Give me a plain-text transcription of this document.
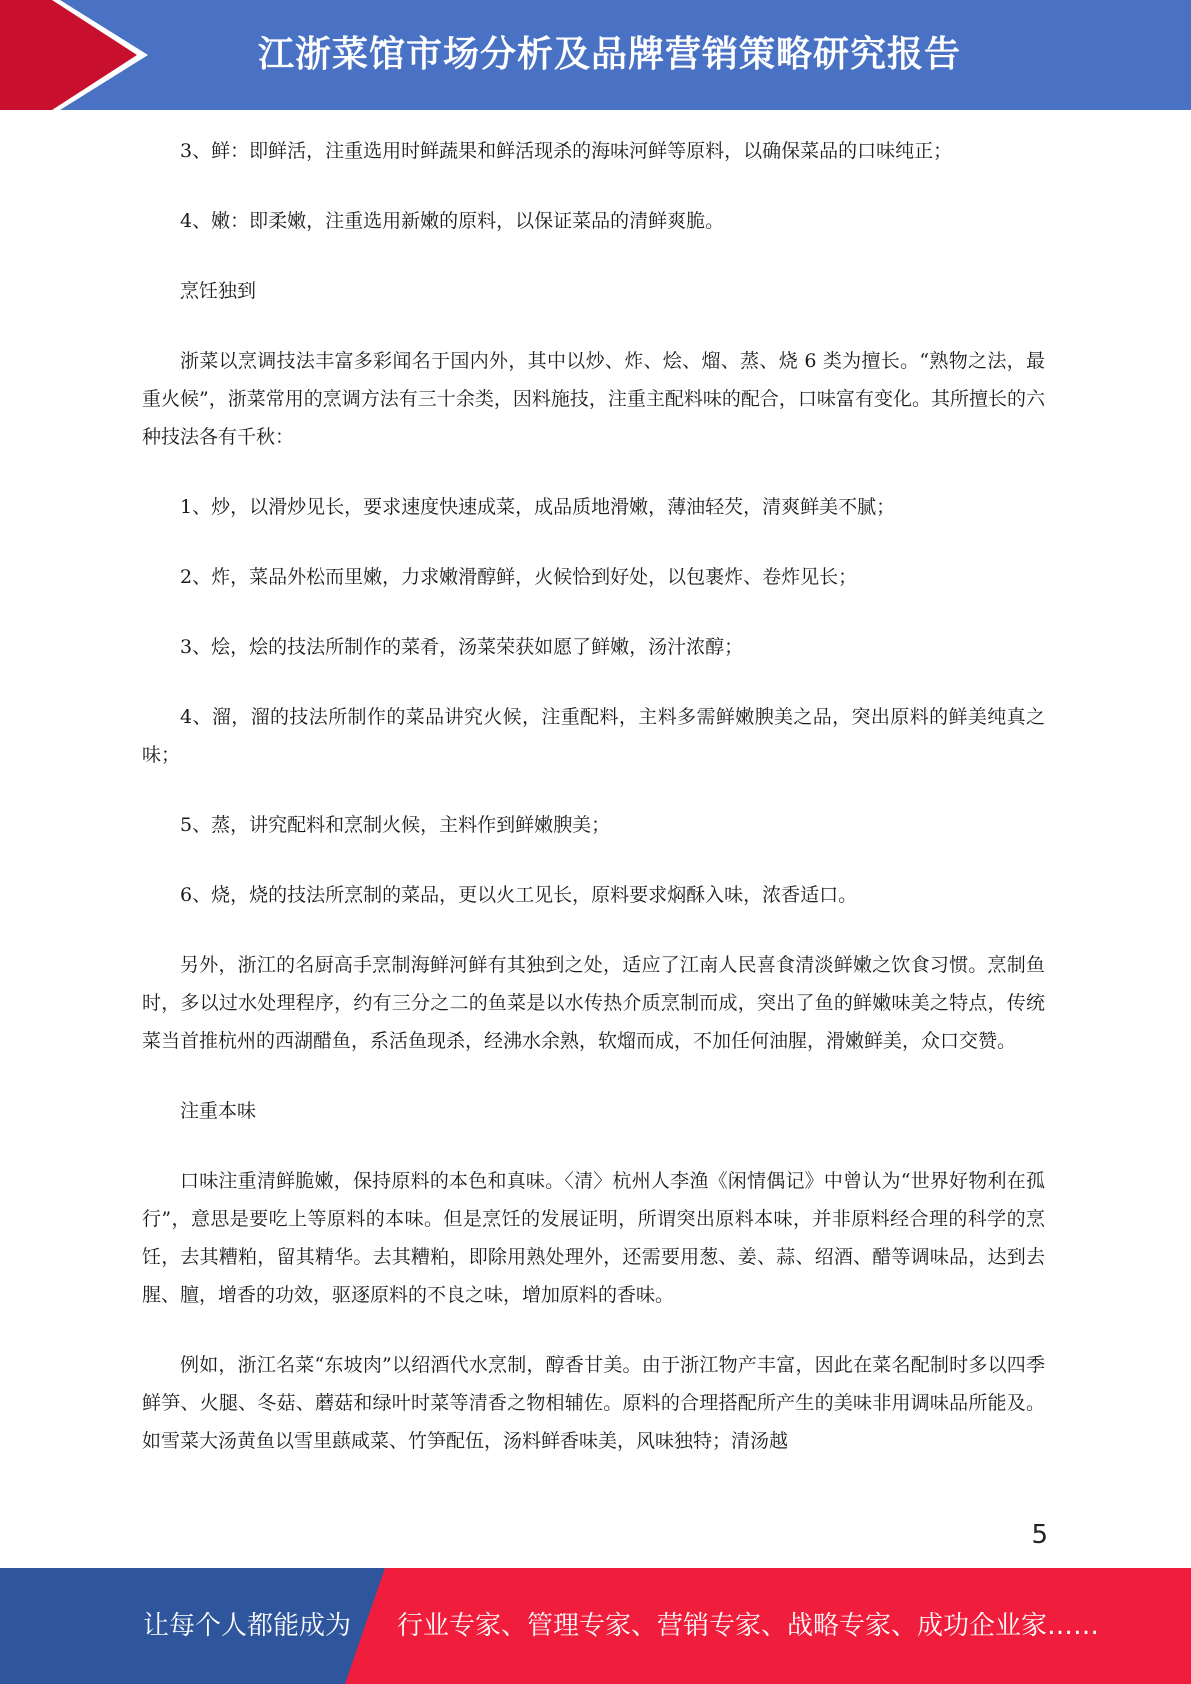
江浙菜馆市场分析及品牌营销策略研究报告

3、鲜：即鲜活，注重选用时鲜蔬果和鲜活现杀的海味河鲜等原料，以确保菜品的口味纯正；

4、嫩：即柔嫩，注重选用新嫩的原料，以保证菜品的清鲜爽脆。

烹饪独到

浙菜以烹调技法丰富多彩闻名于国内外，其中以炒、炸、烩、熘、蒸、烧 6 类为擅长。“熟物之法，最重火候”，浙菜常用的烹调方法有三十余类，因料施技，注重主配料味的配合，口味富有变化。其所擅长的六种技法各有千秋：

1、炒，以滑炒见长，要求速度快速成菜，成品质地滑嫩，薄油轻芡，清爽鲜美不腻；

2、炸，菜品外松而里嫩，力求嫩滑醇鲜，火候恰到好处，以包裹炸、卷炸见长；

3、烩，烩的技法所制作的菜肴，汤菜荣获如愿了鲜嫩，汤汁浓醇；

4、溜，溜的技法所制作的菜品讲究火候，注重配料，主料多需鲜嫩腴美之品，突出原料的鲜美纯真之味；

5、蒸，讲究配料和烹制火候，主料作到鲜嫩腴美；

6、烧，烧的技法所烹制的菜品，更以火工见长，原料要求焖酥入味，浓香适口。

另外，浙江的名厨高手烹制海鲜河鲜有其独到之处，适应了江南人民喜食清淡鲜嫩之饮食习惯。烹制鱼时，多以过水处理程序，约有三分之二的鱼菜是以水传热介质烹制而成，突出了鱼的鲜嫩味美之特点，传统菜当首推杭州的西湖醋鱼，系活鱼现杀，经沸水余熟，软熘而成，不加任何油腥，滑嫩鲜美，众口交赞。

注重本味

口味注重清鲜脆嫩，保持原料的本色和真味。〈清〉杭州人李渔《闲情偶记》中曾认为“世界好物利在孤行”，意思是要吃上等原料的本味。但是烹饪的发展证明，所谓突出原料本味，并非原料经合理的科学的烹饪，去其糟粕，留其精华。去其糟粕，即除用熟处理外，还需要用葱、姜、蒜、绍酒、醋等调味品，达到去腥、膻，增香的功效，驱逐原料的不良之味，增加原料的香味。

例如，浙江名菜“东坡肉”以绍酒代水烹制，醇香甘美。由于浙江物产丰富，因此在菜名配制时多以四季鲜笋、火腿、冬菇、蘑菇和绿叶时菜等清香之物相辅佐。原料的合理搭配所产生的美味非用调味品所能及。如雪菜大汤黄鱼以雪里蕻咸菜、竹笋配伍，汤料鲜香味美，风味独特；清汤越

5
让每个人都能成为 行业专家、管理专家、营销专家、战略专家、成功企业家……
